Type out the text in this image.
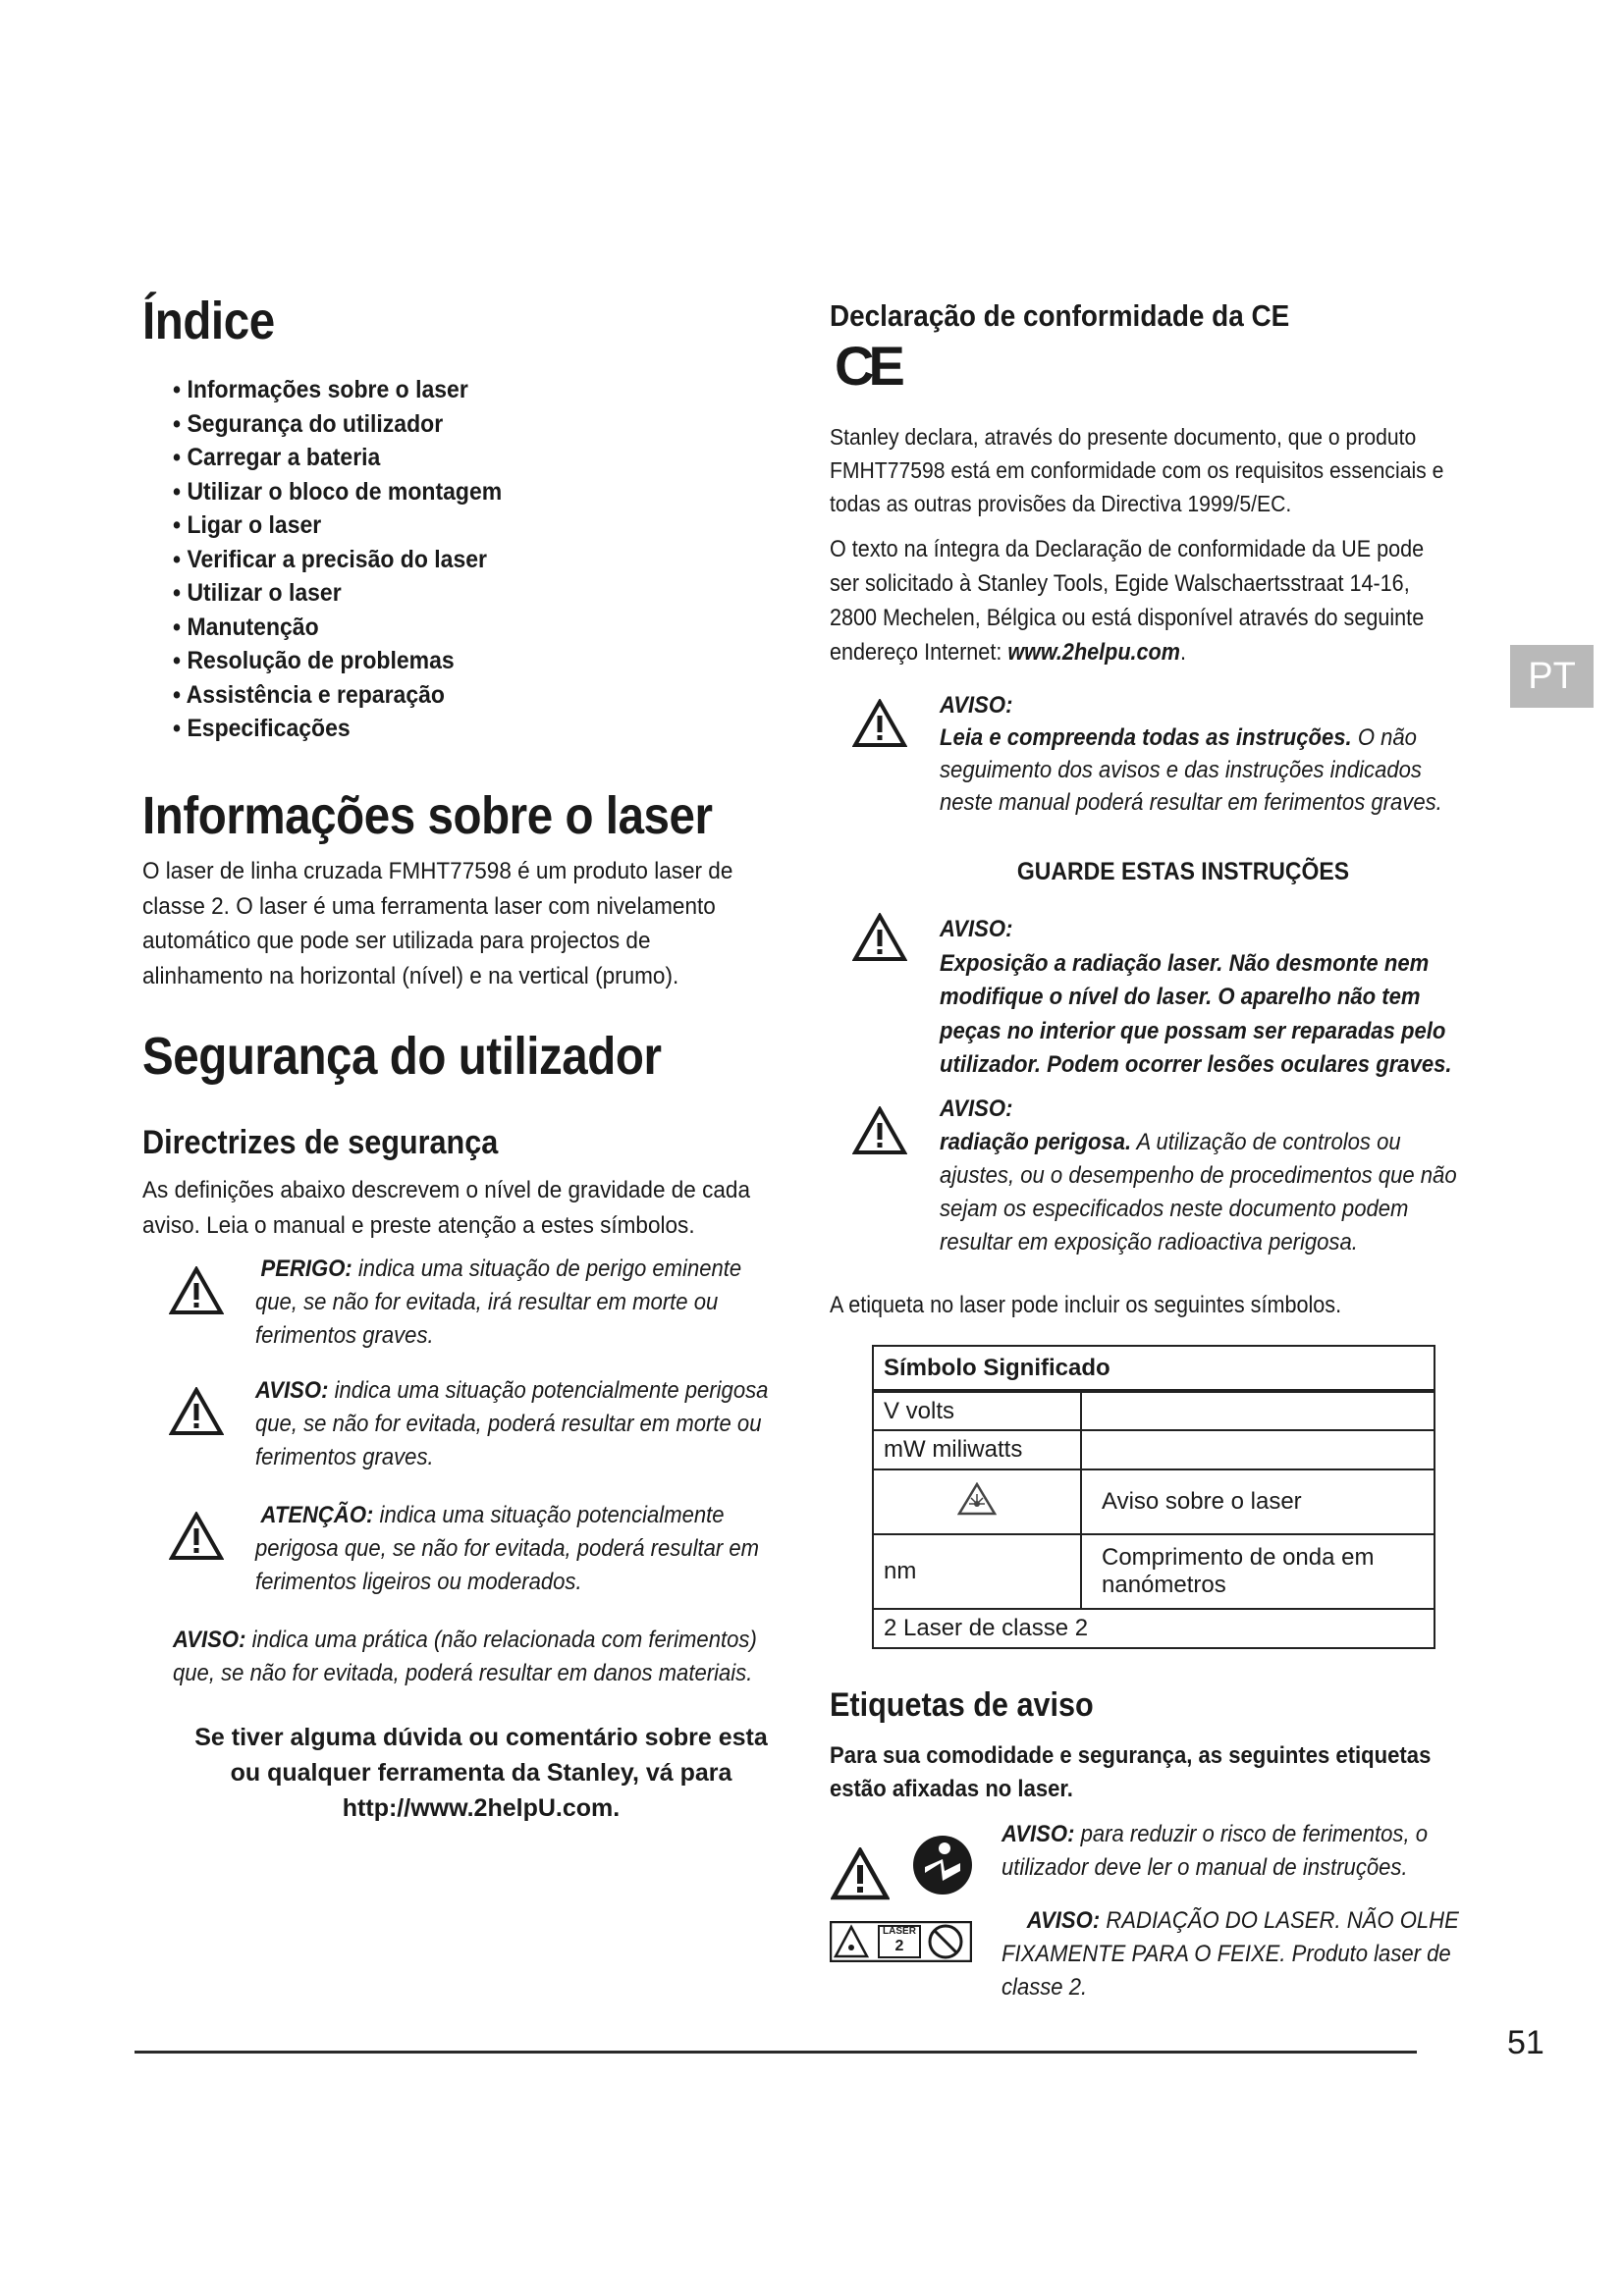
Índice
• Informações sobre o laser
• Segurança do utilizador
• Carregar a bateria
• Utilizar o bloco de montagem
• Ligar o laser
• Verificar a precisão do laser
• Utilizar o laser
• Manutenção
• Resolução de problemas
• Assistência e reparação
• Especificações
Informações sobre o laser

O laser de linha cruzada FMHT77598 é um produto laser de classe 2. O laser é uma ferramenta laser com nivelamento automático que pode ser utilizada para projectos de alinhamento na horizontal (nível) e na vertical (prumo).

Segurança do utilizador
Directrizes de segurança

As definições abaixo descrevem o nível de gravidade de cada aviso. Leia o manual e preste atenção a estes símbolos.

PERIGO: indica uma situação de perigo eminente que, se não for evitada, irá resultar em morte ou ferimentos graves.
AVISO: indica uma situação potencialmente perigosa que, se não for evitada, poderá resultar em morte ou ferimentos graves.
ATENÇÃO: indica uma situação potencialmente perigosa que, se não for evitada, poderá resultar em ferimentos ligeiros ou moderados.
AVISO: indica uma prática (não relacionada com ferimentos) que, se não for evitada, poderá resultar em danos materiais.
Se tiver alguma dúvida ou comentário sobre esta ou qualquer ferramenta da Stanley, vá para http://www.2helpU.com.
Declaração de conformidade da CE
CE

Stanley declara, através do presente documento, que o produto FMHT77598 está em conformidade com os requisitos essenciais e todas as outras provisões da Directiva 1999/5/EC.

O texto na íntegra da Declaração de conformidade da UE pode ser solicitado à Stanley Tools, Egide Walschaertsstraat 14-16, 2800 Mechelen, Bélgica ou está disponível através do seguinte endereço Internet: www.2helpu.com.

PT
AVISO:
Leia e compreenda todas as instruções. O não seguimento dos avisos e das instruções indicados neste manual poderá resultar em ferimentos graves.
GUARDE ESTAS INSTRUÇÕES
AVISO:
Exposição a radiação laser. Não desmonte nem modifique o nível do laser. O aparelho não tem peças no interior que possam ser reparadas pelo utilizador. Podem ocorrer lesões oculares graves.
AVISO:
radiação perigosa. A utilização de controlos ou ajustes, ou o desempenho de procedimentos que não sejam os especificados neste documento podem resultar em exposição radioactiva perigosa.

A etiqueta no laser pode incluir os seguintes símbolos.

Símbolo Significado	
V volts	
mW miliwatts	
	Aviso sobre o laser
nm	Comprimento de onda em nanómetros
2 Laser de classe 2	
Etiquetas de aviso

Para sua comodidade e segurança, as seguintes etiquetas estão afixadas no laser.

LASER
2
AVISO: para reduzir o risco de ferimentos, o utilizador deve ler o manual de instruções.
AVISO: RADIAÇÃO DO LASER. NÃO OLHE FIXAMENTE PARA O FEIXE. Produto laser de classe 2.
51
